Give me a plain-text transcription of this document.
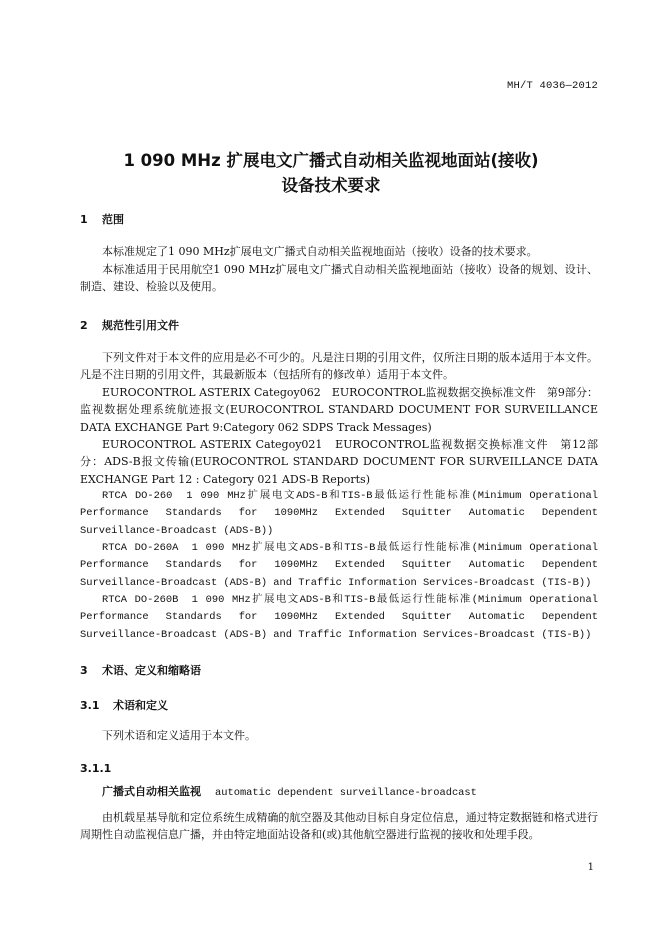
MH/T 4036—2012
1 090 MHz 扩展电文广播式自动相关监视地面站(接收)
设备技术要求
1 范围
本标准规定了1 090 MHz扩展电文广播式自动相关监视地面站（接收）设备的技术要求。
本标准适用于民用航空1 090 MHz扩展电文广播式自动相关监视地面站（接收）设备的规划、设计、制造、建设、检验以及使用。
2 规范性引用文件
下列文件对于本文件的应用是必不可少的。凡是注日期的引用文件，仅所注日期的版本适用于本文件。凡是不注日期的引用文件，其最新版本（包括所有的修改单）适用于本文件。
EUROCONTROL ASTERIX Categoy062　EUROCONTROL监视数据交换标准文件　第9部分：监视数据处理系统航迹报文(EUROCONTROL STANDARD DOCUMENT FOR SURVEILLANCE DATA EXCHANGE Part 9:Category 062 SDPS Track Messages)
EUROCONTROL ASTERIX Categoy021　EUROCONTROL监视数据交换标准文件　第12部分：ADS-B报文传输(EUROCONTROL STANDARD DOCUMENT FOR SURVEILLANCE DATA EXCHANGE Part 12 : Category 021 ADS-B Reports)
RTCA DO-260　1 090 MHz扩展电文ADS-B和TIS-B最低运行性能标准(Minimum Operational Performance Standards for 1090MHz Extended Squitter Automatic Dependent Surveillance-Broadcast (ADS-B))
RTCA DO-260A　1 090 MHz扩展电文ADS-B和TIS-B最低运行性能标准(Minimum Operational Performance Standards for 1090MHz Extended Squitter Automatic Dependent Surveillance-Broadcast (ADS-B) and Traffic Information Services-Broadcast (TIS-B))
RTCA DO-260B　1 090 MHz扩展电文ADS-B和TIS-B最低运行性能标准(Minimum Operational Performance Standards for 1090MHz Extended Squitter Automatic Dependent Surveillance-Broadcast (ADS-B) and Traffic Information Services-Broadcast (TIS-B))
3 术语、定义和缩略语
3.1 术语和定义
下列术语和定义适用于本文件。
3.1.1
广播式自动相关监视 automatic dependent surveillance-broadcast
由机载星基导航和定位系统生成精确的航空器及其他动目标自身定位信息，通过特定数据链和格式进行周期性自动监视信息广播，并由特定地面站设备和(或)其他航空器进行监视的接收和处理手段。
1
